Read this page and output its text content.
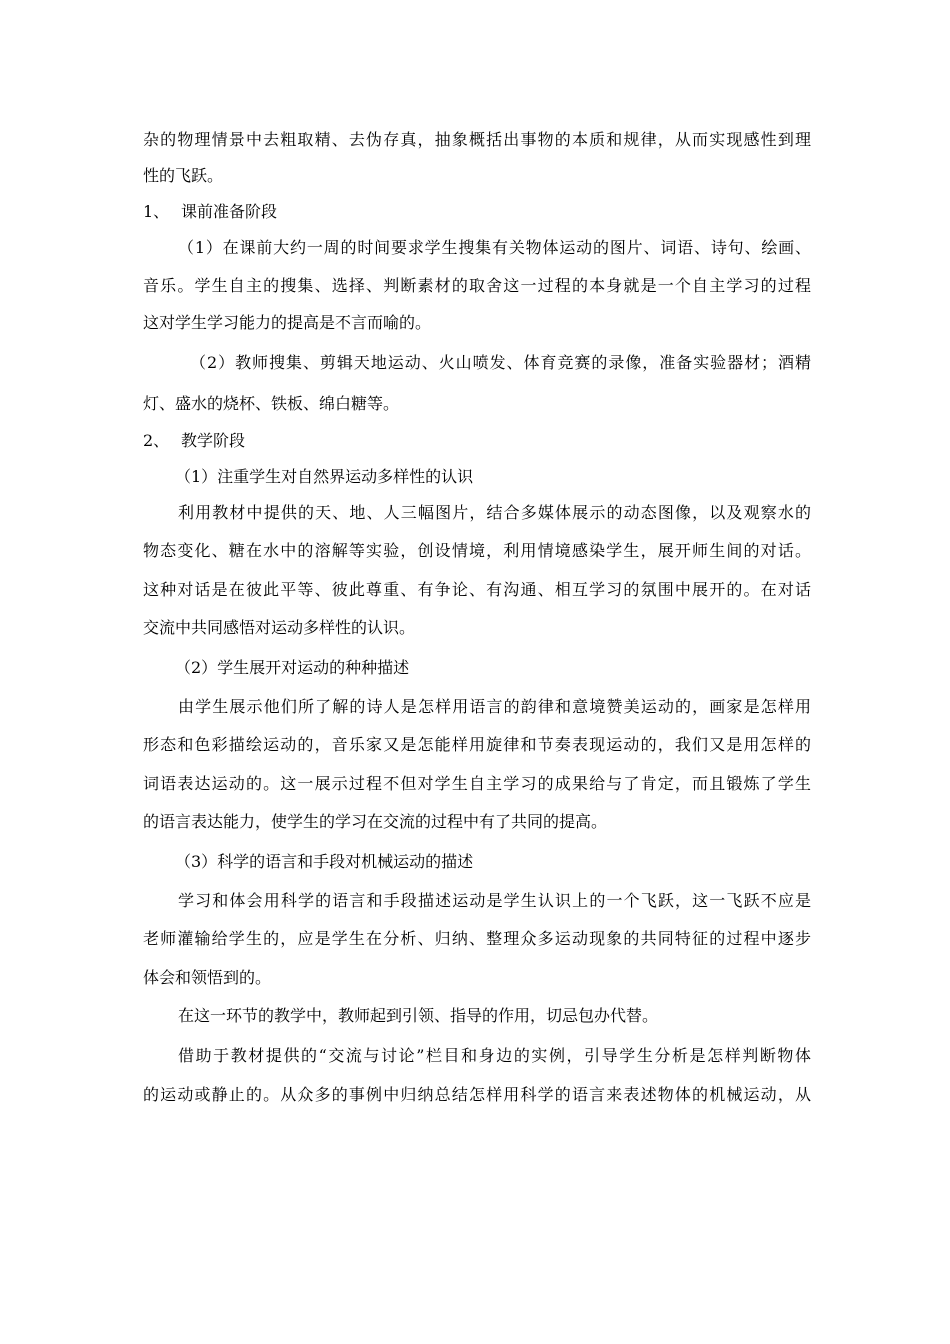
杂的物理情景中去粗取精、去伪存真，抽象概括出事物的本质和规律，从而实现感性到理
性的飞跃。
1、 课前准备阶段
（1）在课前大约一周的时间要求学生搜集有关物体运动的图片、词语、诗句、绘画、
音乐。学生自主的搜集、选择、判断素材的取舍这一过程的本身就是一个自主学习的过程
这对学生学习能力的提高是不言而喻的。
（2）教师搜集、剪辑天地运动、火山喷发、体育竞赛的录像，准备实验器材；酒精
灯、盛水的烧杯、铁板、绵白糖等。
2、 教学阶段
（1）注重学生对自然界运动多样性的认识
利用教材中提供的天、地、人三幅图片，结合多媒体展示的动态图像，以及观察水的
物态变化、糖在水中的溶解等实验，创设情境，利用情境感染学生，展开师生间的对话。
这种对话是在彼此平等、彼此尊重、有争论、有沟通、相互学习的氛围中展开的。在对话
交流中共同感悟对运动多样性的认识。
（2）学生展开对运动的种种描述
由学生展示他们所了解的诗人是怎样用语言的韵律和意境赞美运动的，画家是怎样用
形态和色彩描绘运动的，音乐家又是怎能样用旋律和节奏表现运动的，我们又是用怎样的
词语表达运动的。这一展示过程不但对学生自主学习的成果给与了肯定，而且锻炼了学生
的语言表达能力，使学生的学习在交流的过程中有了共同的提高。
（3）科学的语言和手段对机械运动的描述
学习和体会用科学的语言和手段描述运动是学生认识上的一个飞跃，这一飞跃不应是
老师灌输给学生的，应是学生在分析、归纳、整理众多运动现象的共同特征的过程中逐步
体会和领悟到的。
在这一环节的教学中，教师起到引领、指导的作用，切忌包办代替。
借助于教材提供的“交流与讨论”栏目和身边的实例，引导学生分析是怎样判断物体
的运动或静止的。从众多的事例中归纳总结怎样用科学的语言来表述物体的机械运动，从
